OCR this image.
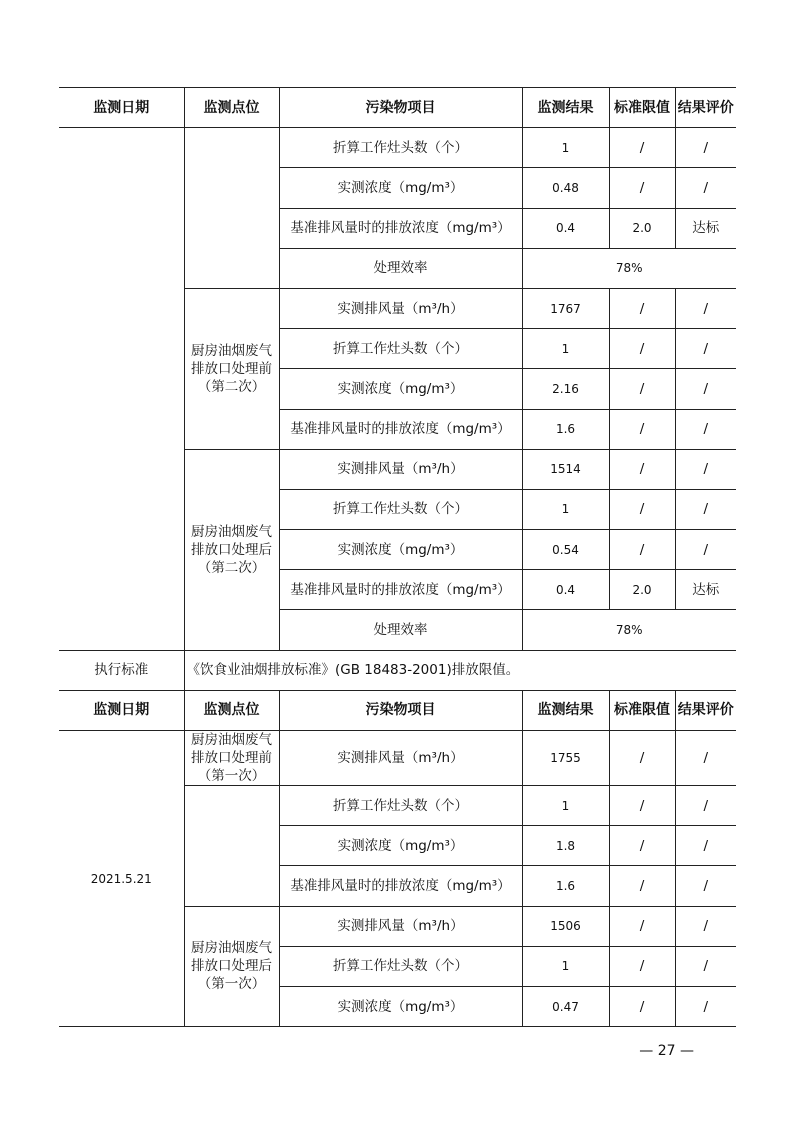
监测日期	监测点位	污染物项目	监测结果	标准限值	结果评价
		折算工作灶头数（个）	1	/	/
		实测浓度（mg/m³）	0.48	/	/
		基准排风量时的排放浓度（mg/m³）	0.4	2.0	达标
		处理效率	78%		
	厨房油烟废气排放口处理前（第二次）	实测排风量（m³/h）	1767	/	/
		折算工作灶头数（个）	1	/	/
		实测浓度（mg/m³）	2.16	/	/
		基准排风量时的排放浓度（mg/m³）	1.6	/	/
	厨房油烟废气排放口处理后（第二次）	实测排风量（m³/h）	1514	/	/
		折算工作灶头数（个）	1	/	/
		实测浓度（mg/m³）	0.54	/	/
		基准排风量时的排放浓度（mg/m³）	0.4	2.0	达标
		处理效率	78%		
执行标准	《饮食业油烟排放标准》(GB 18483-2001)排放限值。				
监测日期	监测点位	污染物项目	监测结果	标准限值	结果评价
2021.5.21	厨房油烟废气排放口处理前（第一次）	实测排风量（m³/h）	1755	/	/
		折算工作灶头数（个）	1	/	/
		实测浓度（mg/m³）	1.8	/	/
		基准排风量时的排放浓度（mg/m³）	1.6	/	/
	厨房油烟废气排放口处理后（第一次）	实测排风量（m³/h）	1506	/	/
		折算工作灶头数（个）	1	/	/
		实测浓度（mg/m³）	0.47	/	/
— 27 —
